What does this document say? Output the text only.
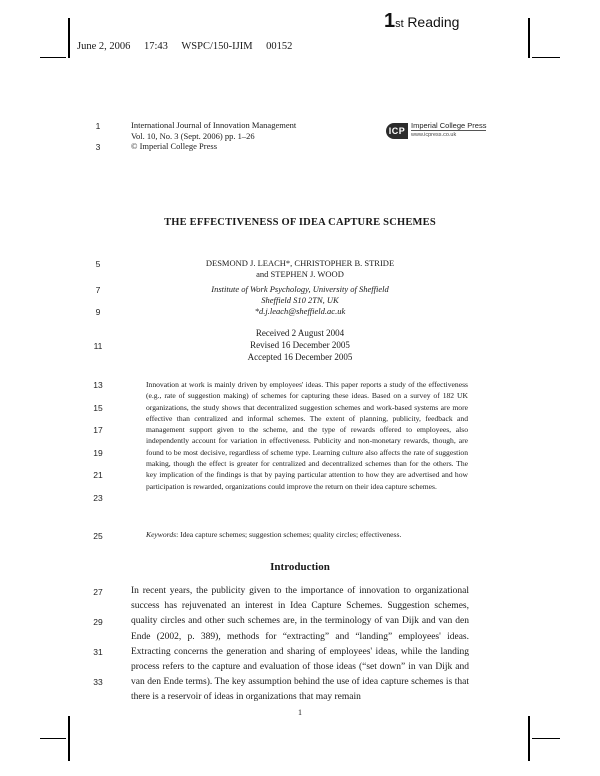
1st Reading
June 2, 2006 17:43 WSPC/150-IJIM 00152
1
3
5
7
9
11
13
15
17
19
21
23
25
27
29
31
33
International Journal of Innovation Management
Vol. 10, No. 3 (Sept. 2006) pp. 1–26
© Imperial College Press
ICP Imperial College Press
www.icpress.co.uk
THE EFFECTIVENESS OF IDEA CAPTURE SCHEMES
DESMOND J. LEACH*, CHRISTOPHER B. STRIDE
and STEPHEN J. WOOD
Institute of Work Psychology, University of Sheffield
Sheffield S10 2TN, UK
*d.j.leach@sheffield.ac.uk
Received 2 August 2004
Revised 16 December 2005
Accepted 16 December 2005

Innovation at work is mainly driven by employees' ideas. This paper reports a study of the effectiveness (e.g., rate of suggestion making) of schemes for capturing these ideas. Based on a survey of 182 UK organizations, the study shows that decentralized suggestion schemes and work-based systems are more effective than centralized and informal schemes. The extent of planning, publicity, feedback and management support given to the scheme, and the type of rewards offered to employees, also independently account for variation in effectiveness. Publicity and non-monetary rewards, though, are found to be most decisive, regardless of scheme type. Learning culture also affects the rate of suggestion making, though the effect is greater for centralized and decentralized schemes than for the others. The key implication of the findings is that by paying particular attention to how they are advertised and how participation is rewarded, organizations could improve the return on their idea capture schemes.

Keywords: Idea capture schemes; suggestion schemes; quality circles; effectiveness.
Introduction

In recent years, the publicity given to the importance of innovation to organizational success has rejuvenated an interest in Idea Capture Schemes. Suggestion schemes, quality circles and other such schemes are, in the terminology of van Dijk and van den Ende (2002, p. 389), methods for “extracting” and “landing” employees' ideas. Extracting concerns the generation and sharing of employees' ideas, while the landing process refers to the capture and evaluation of those ideas (“set down” in van Dijk and van den Ende terms). The key assumption behind the use of idea capture schemes is that there is a reservoir of ideas in organizations that may remain

1
